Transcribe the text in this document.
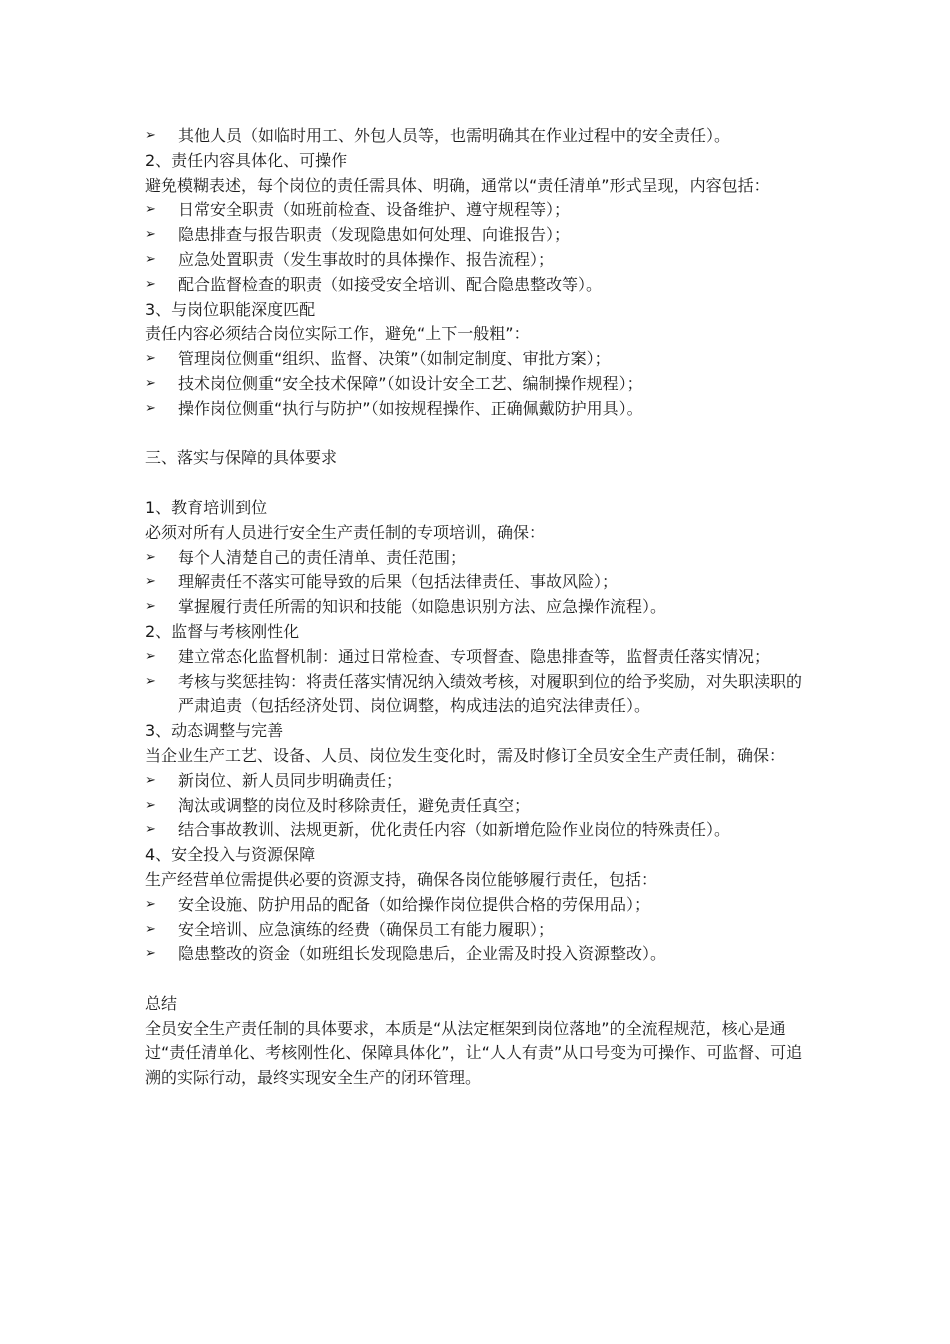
➢	其他人员（如临时用工、外包人员等，也需明确其在作业过程中的安全责任）。
2、责任内容具体化、可操作
避免模糊表述，每个岗位的责任需具体、明确，通常以“责任清单”形式呈现，内容包括：
➢	日常安全职责（如班前检查、设备维护、遵守规程等）；
➢	隐患排查与报告职责（发现隐患如何处理、向谁报告）；
➢	应急处置职责（发生事故时的具体操作、报告流程）；
➢	配合监督检查的职责（如接受安全培训、配合隐患整改等）。
3、与岗位职能深度匹配
责任内容必须结合岗位实际工作，避免“上下一般粗”：
➢	管理岗位侧重“组织、监督、决策”（如制定制度、审批方案）；
➢	技术岗位侧重“安全技术保障”（如设计安全工艺、编制操作规程）；
➢	操作岗位侧重“执行与防护”（如按规程操作、正确佩戴防护用具）。
三、落实与保障的具体要求
1、教育培训到位
必须对所有人员进行安全生产责任制的专项培训，确保：
➢	每个人清楚自己的责任清单、责任范围；
➢	理解责任不落实可能导致的后果（包括法律责任、事故风险）；
➢	掌握履行责任所需的知识和技能（如隐患识别方法、应急操作流程）。
2、监督与考核刚性化
➢	建立常态化监督机制：通过日常检查、专项督查、隐患排查等，监督责任落实情况；
➢	考核与奖惩挂钩：将责任落实情况纳入绩效考核，对履职到位的给予奖励，对失职渎职的严肃追责（包括经济处罚、岗位调整，构成违法的追究法律责任）。
3、动态调整与完善
当企业生产工艺、设备、人员、岗位发生变化时，需及时修订全员安全生产责任制，确保：
➢	新岗位、新人员同步明确责任；
➢	淘汰或调整的岗位及时移除责任，避免责任真空；
➢	结合事故教训、法规更新，优化责任内容（如新增危险作业岗位的特殊责任）。
4、安全投入与资源保障
生产经营单位需提供必要的资源支持，确保各岗位能够履行责任，包括：
➢	安全设施、防护用品的配备（如给操作岗位提供合格的劳保用品）；
➢	安全培训、应急演练的经费（确保员工有能力履职）；
➢	隐患整改的资金（如班组长发现隐患后，企业需及时投入资源整改）。
总结
全员安全生产责任制的具体要求，本质是“从法定框架到岗位落地”的全流程规范，核心是通过“责任清单化、考核刚性化、保障具体化”，让“人人有责”从口号变为可操作、可监督、可追溯的实际行动，最终实现安全生产的闭环管理。
